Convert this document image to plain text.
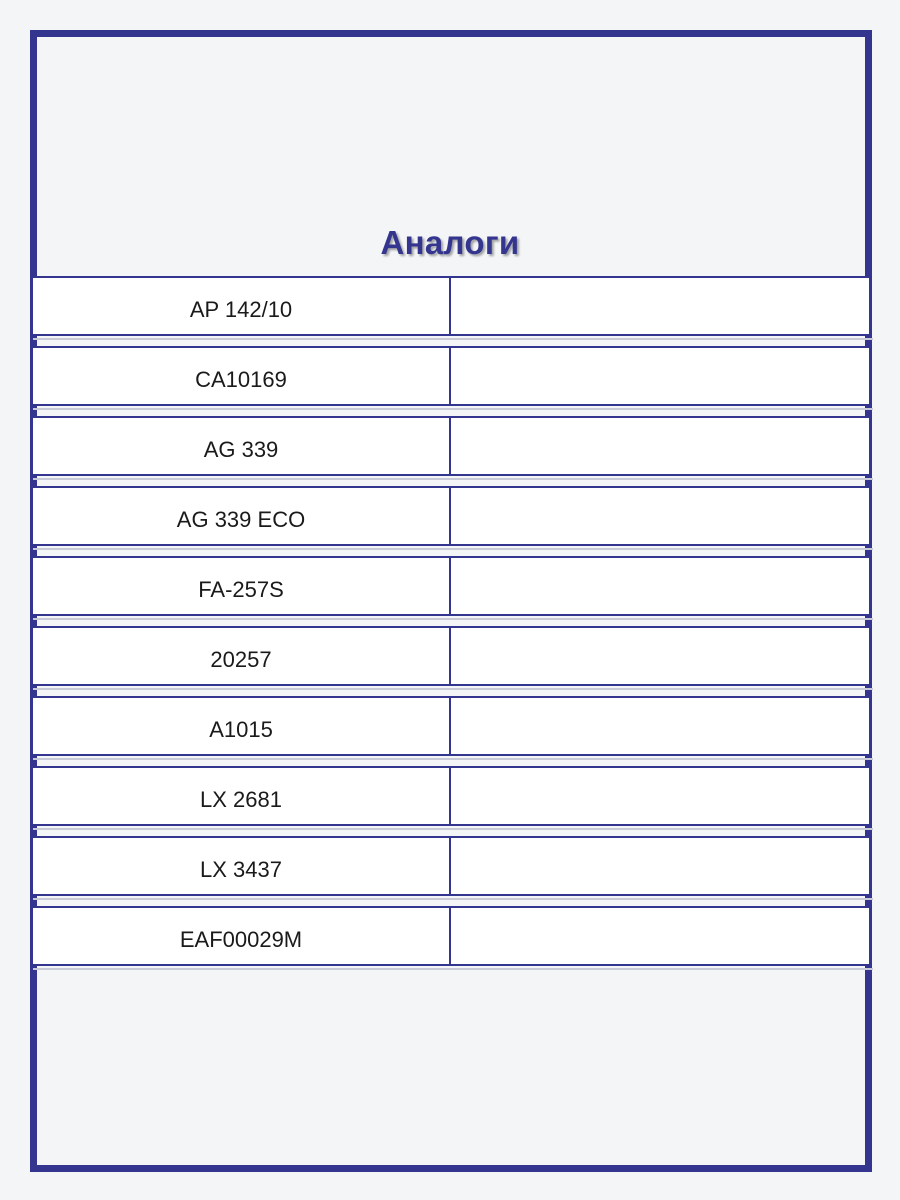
Аналоги
AP 142/10
CA10169
AG 339
AG 339 ECO
FA-257S
20257
A1015
LX 2681
LX 3437
EAF00029M
